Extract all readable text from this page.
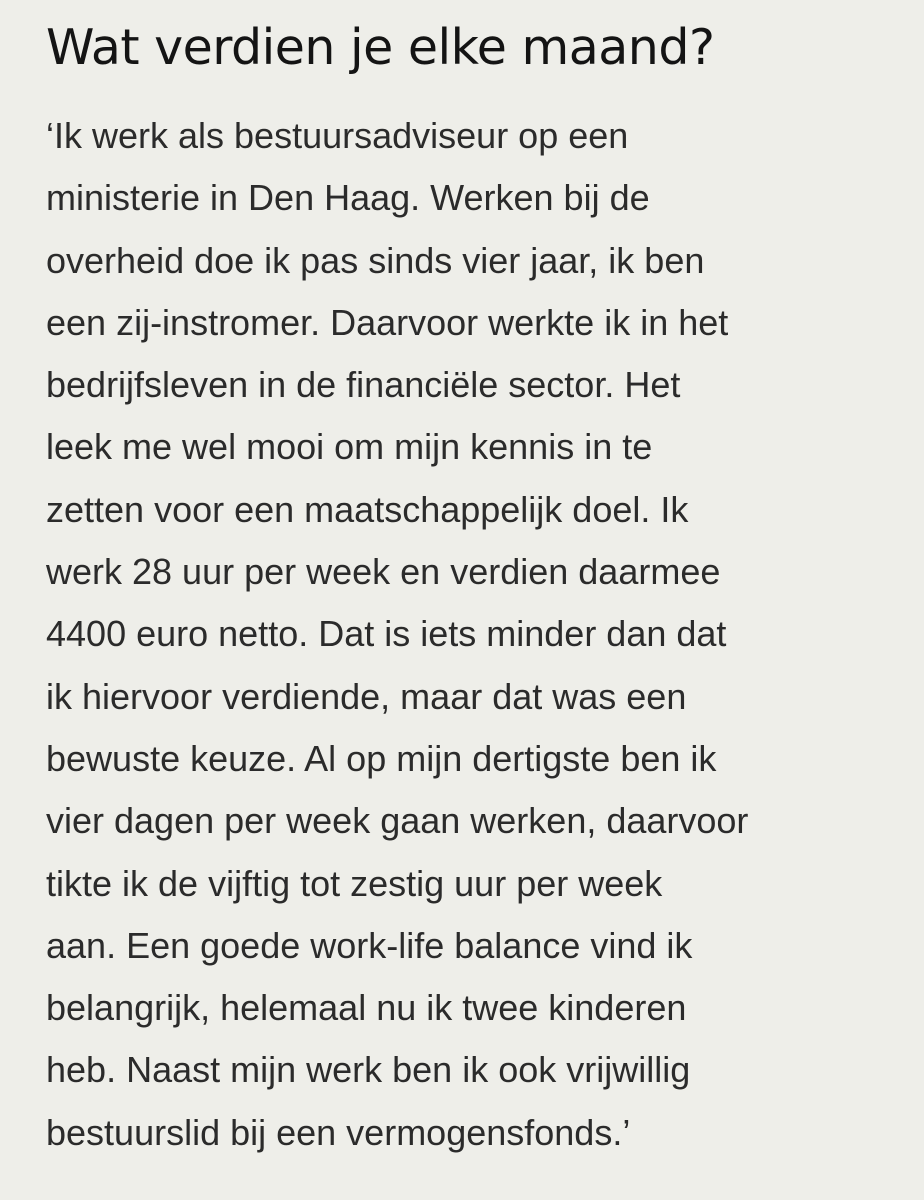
Wat verdien je elke maand?

‘Ik werk als bestuursadviseur op een
ministerie in Den Haag. Werken bij de
overheid doe ik pas sinds vier jaar, ik ben
een zij-instromer. Daarvoor werkte ik in het
bedrijfsleven in de financiële sector. Het
leek me wel mooi om mijn kennis in te
zetten voor een maatschappelijk doel. Ik
werk 28 uur per week en verdien daarmee
4400 euro netto. Dat is iets minder dan dat
ik hiervoor verdiende, maar dat was een
bewuste keuze. Al op mijn dertigste ben ik
vier dagen per week gaan werken, daarvoor
tikte ik de vijftig tot zestig uur per week
aan. Een goede work-life balance vind ik
belangrijk, helemaal nu ik twee kinderen
heb. Naast mijn werk ben ik ook vrijwillig
bestuurslid bij een vermogensfonds.’
